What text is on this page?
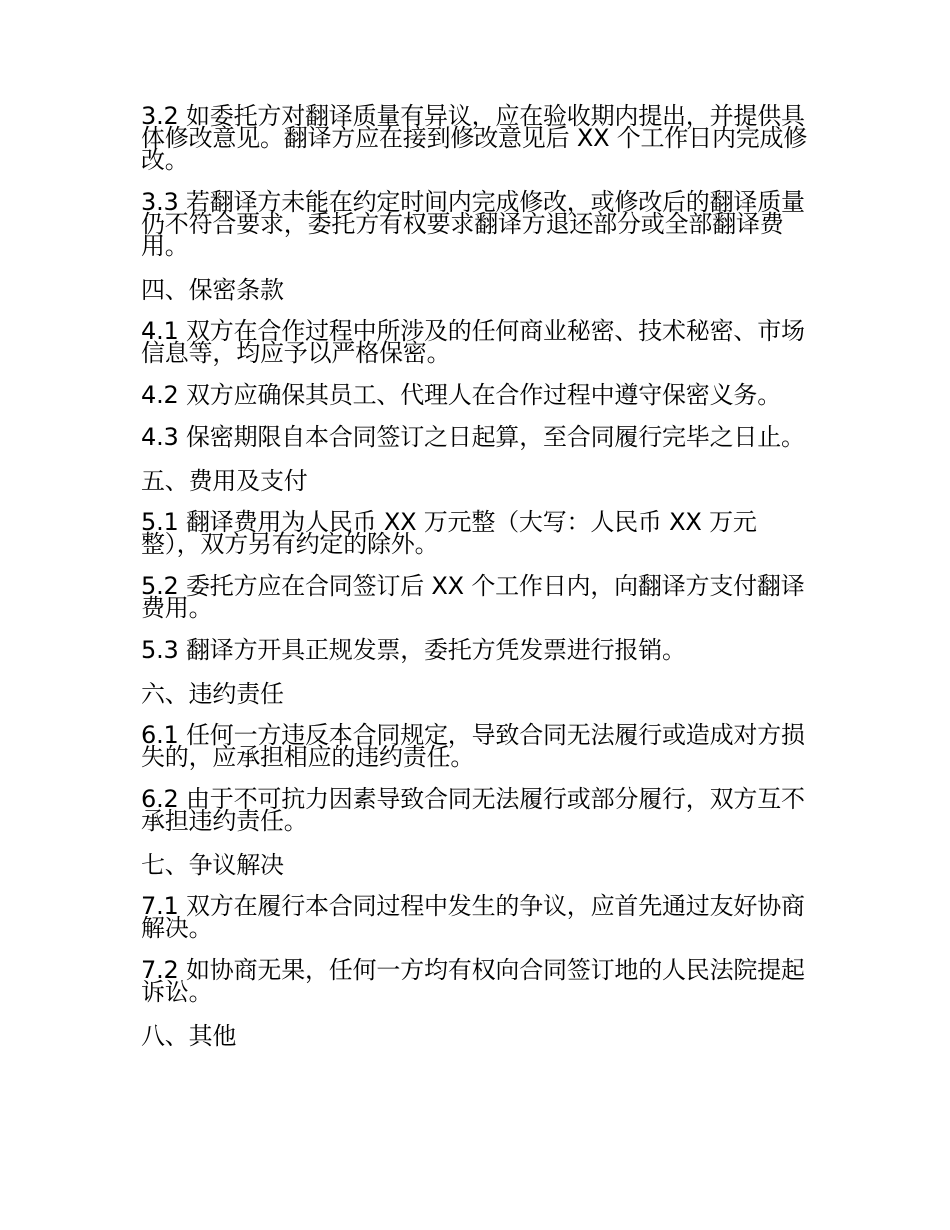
3.2 如委托方对翻译质量有异议，应在验收期内提出，并提供具体修改意见。翻译方应在接到修改意见后 XX 个工作日内完成修改。

3.3 若翻译方未能在约定时间内完成修改，或修改后的翻译质量仍不符合要求，委托方有权要求翻译方退还部分或全部翻译费用。

四、保密条款

4.1 双方在合作过程中所涉及的任何商业秘密、技术秘密、市场信息等，均应予以严格保密。

4.2 双方应确保其员工、代理人在合作过程中遵守保密义务。

4.3 保密期限自本合同签订之日起算，至合同履行完毕之日止。

五、费用及支付

5.1 翻译费用为人民币 XX 万元整（大写：人民币 XX 万元整），双方另有约定的除外。

5.2 委托方应在合同签订后 XX 个工作日内，向翻译方支付翻译费用。

5.3 翻译方开具正规发票，委托方凭发票进行报销。

六、违约责任

6.1 任何一方违反本合同规定，导致合同无法履行或造成对方损失的，应承担相应的违约责任。

6.2 由于不可抗力因素导致合同无法履行或部分履行，双方互不承担违约责任。

七、争议解决

7.1 双方在履行本合同过程中发生的争议，应首先通过友好协商解决。

7.2 如协商无果，任何一方均有权向合同签订地的人民法院提起诉讼。

八、其他
